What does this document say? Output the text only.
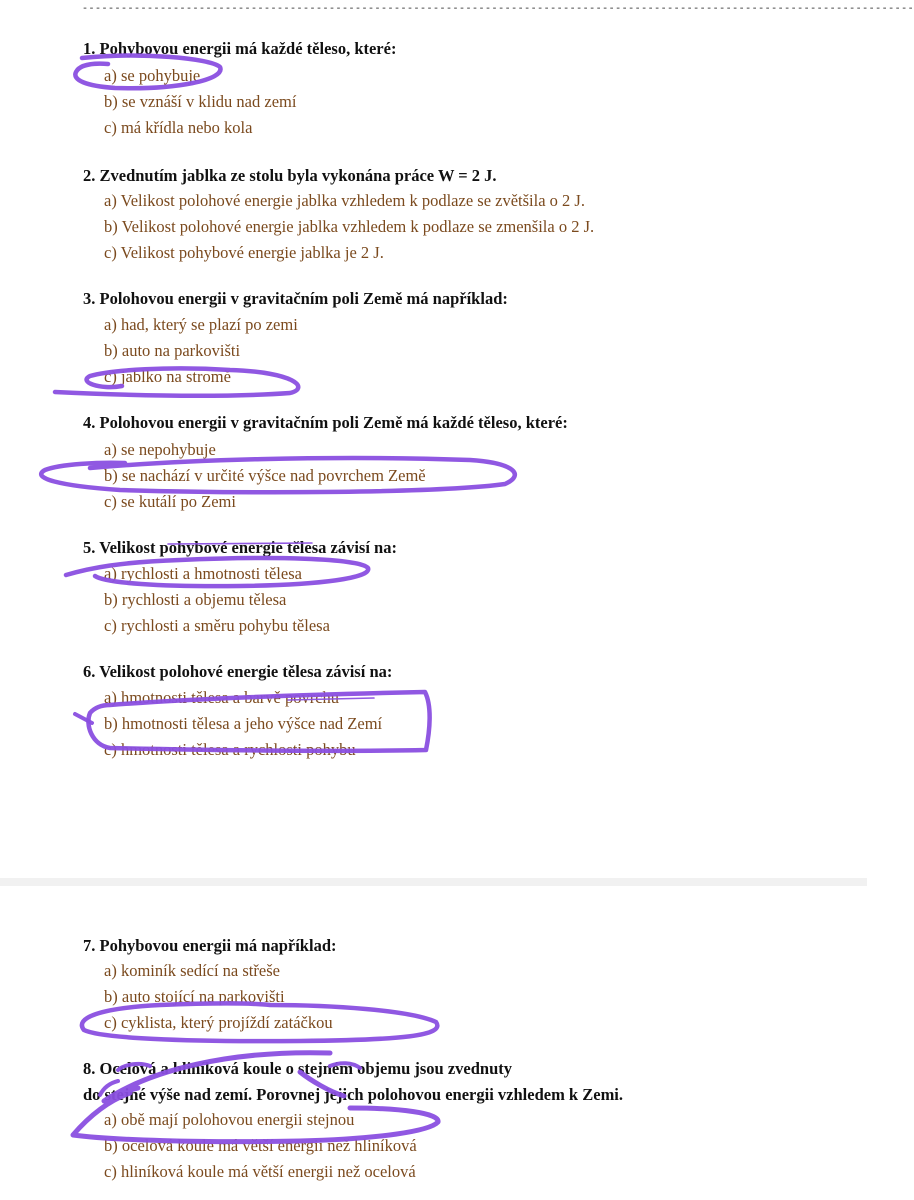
--------------------------------------------------------------------------------------------------------------------------------
1. Pohybovou energii má každé těleso, které:
a) se pohybuje
b) se vznáší v klidu nad zemí
c) má křídla nebo kola
2. Zvednutím jablka ze stolu byla vykonána práce W = 2 J.
a) Velikost polohové energie jablka vzhledem k podlaze se zvětšila o 2 J.
b) Velikost polohové energie jablka vzhledem k podlaze se zmenšila o 2 J.
c) Velikost pohybové energie jablka je 2 J.
3. Polohovou energii v gravitačním poli Země má například:
a) had, který se plazí po zemi
b) auto na parkovišti
c) jablko na stromě
4. Polohovou energii v gravitačním poli Země má každé těleso, které:
a) se nepohybuje
b) se nachází v určité výšce nad povrchem Země
c) se kutálí po Zemi
5. Velikost pohybové energie tělesa závisí na:
a) rychlosti a hmotnosti tělesa
b) rychlosti a objemu tělesa
c) rychlosti a směru pohybu tělesa
6. Velikost polohové energie tělesa závisí na:
a) hmotnosti tělesa a barvě povrchu
b) hmotnosti tělesa a jeho výšce nad Zemí
c) hmotnosti tělesa a rychlosti pohybu
7. Pohybovou energii má například:
a) kominík sedící na střeše
b) auto stojící na parkovišti
c) cyklista, který projíždí zatáčkou
8. Ocelová a hliníková koule o stejném objemu jsou zvednuty
do stejné výše nad zemí. Porovnej jejich polohovou energii vzhledem k Zemi.
a) obě mají polohovou energii stejnou
b) ocelová koule má větší energii než hliníková
c) hliníková koule má větší energii než ocelová
